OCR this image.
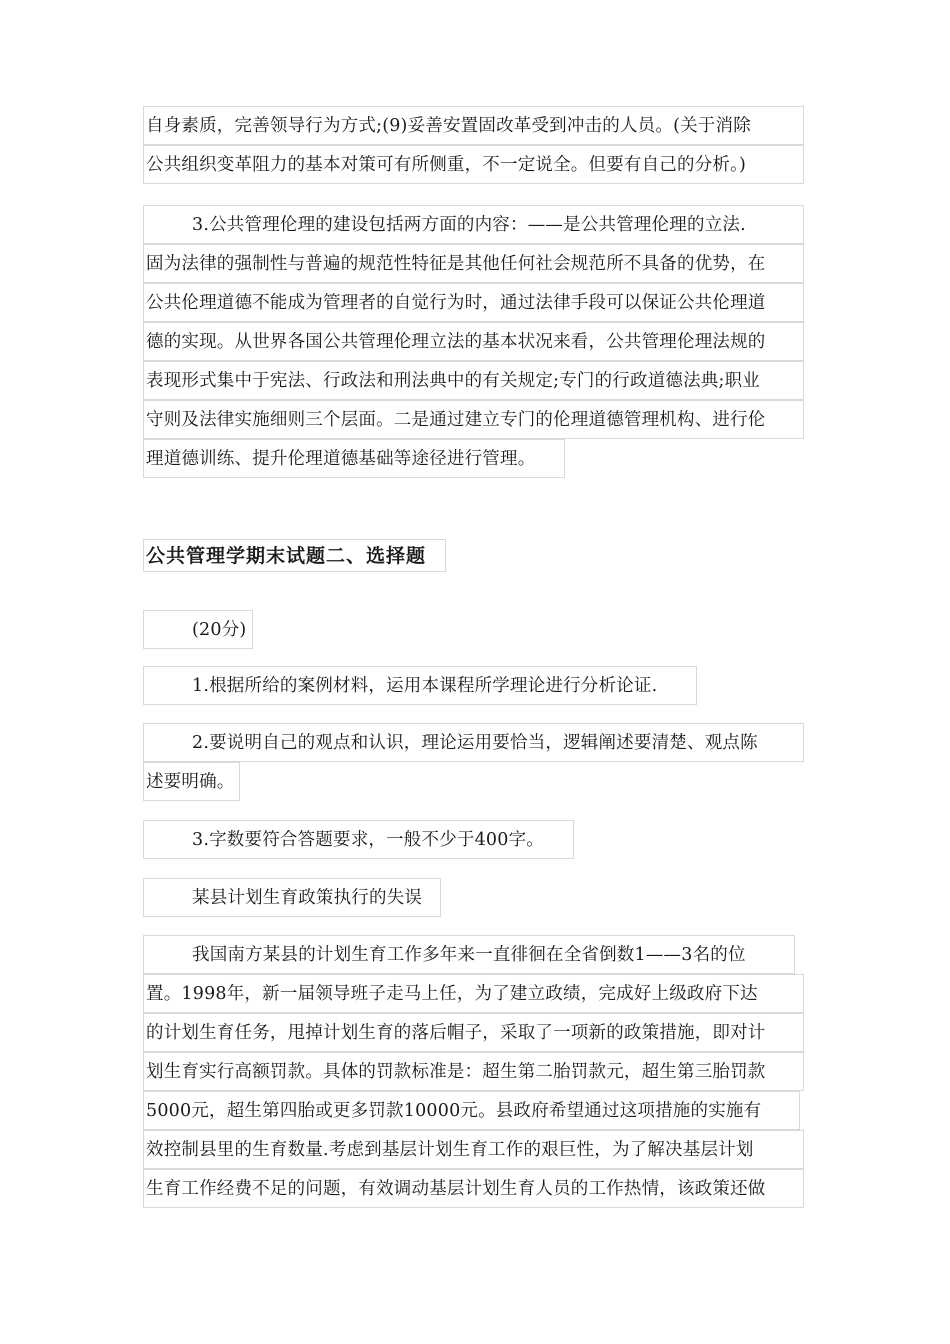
自身素质，完善领导行为方式;(9)妥善安置固改革受到冲击的人员。(关于消除
公共组织变革阻力的基本对策可有所侧重，不一定说全。但要有自己的分析。)
3.公共管理伦理的建设包括两方面的内容：——是公共管理伦理的立法.
固为法律的强制性与普遍的规范性特征是其他任何社会规范所不具备的优势，在
公共伦理道德不能成为管理者的自觉行为时，通过法律手段可以保证公共伦理道
德的实现。从世界各国公共管理伦理立法的基本状况来看，公共管理伦理法规的
表现形式集中于宪法、行政法和刑法典中的有关规定;专门的行政道德法典;职业
守则及法律实施细则三个层面。二是通过建立专门的伦理道德管理机构、进行伦
理道德训练、提升伦理道德基础等途径进行管理。
公共管理学期末试题二、选择题
(20分)
1.根据所给的案例材料，运用本课程所学理论进行分析论证.
2.要说明自己的观点和认识，理论运用要恰当，逻辑阐述要清楚、观点陈
述要明确。
3.字数要符合答题要求，一般不少于400字。
某县计划生育政策执行的失误
我国南方某县的计划生育工作多年来一直徘徊在全省倒数1——3名的位
置。1998年，新一届领导班子走马上任，为了建立政绩，完成好上级政府下达
的计划生育任务，甩掉计划生育的落后帽子，采取了一项新的政策措施，即对计
划生育实行高额罚款。具体的罚款标准是：超生第二胎罚款元，超生第三胎罚款
5000元，超生第四胎或更多罚款10000元。县政府希望通过这项措施的实施有
效控制县里的生育数量.考虑到基层计划生育工作的艰巨性，为了解决基层计划
生育工作经费不足的问题，有效调动基层计划生育人员的工作热情，该政策还做
